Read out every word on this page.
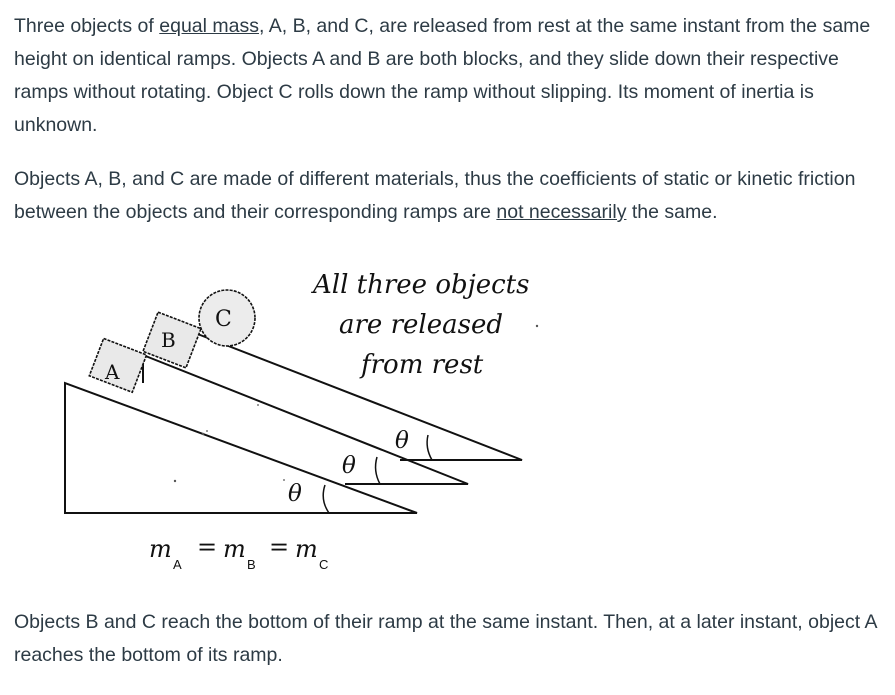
Three objects of equal mass, A, B, and C, are released from rest at the same instant from the same height on identical ramps. Objects A and B are both blocks, and they slide down their respective ramps without rotating. Object C rolls down the ramp without slipping. Its moment of inertia is unknown.

Objects A, B, and C are made of different materials, thus the coefficients of static or kinetic friction between the objects and their corresponding ramps are not necessarily the same.

A
B
C
All three objects
are released
from rest
θ
θ
θ
m
A
= m
B
= m
C

Objects B and C reach the bottom of their ramp at the same instant. Then, at a later instant, object A reaches the bottom of its ramp.
